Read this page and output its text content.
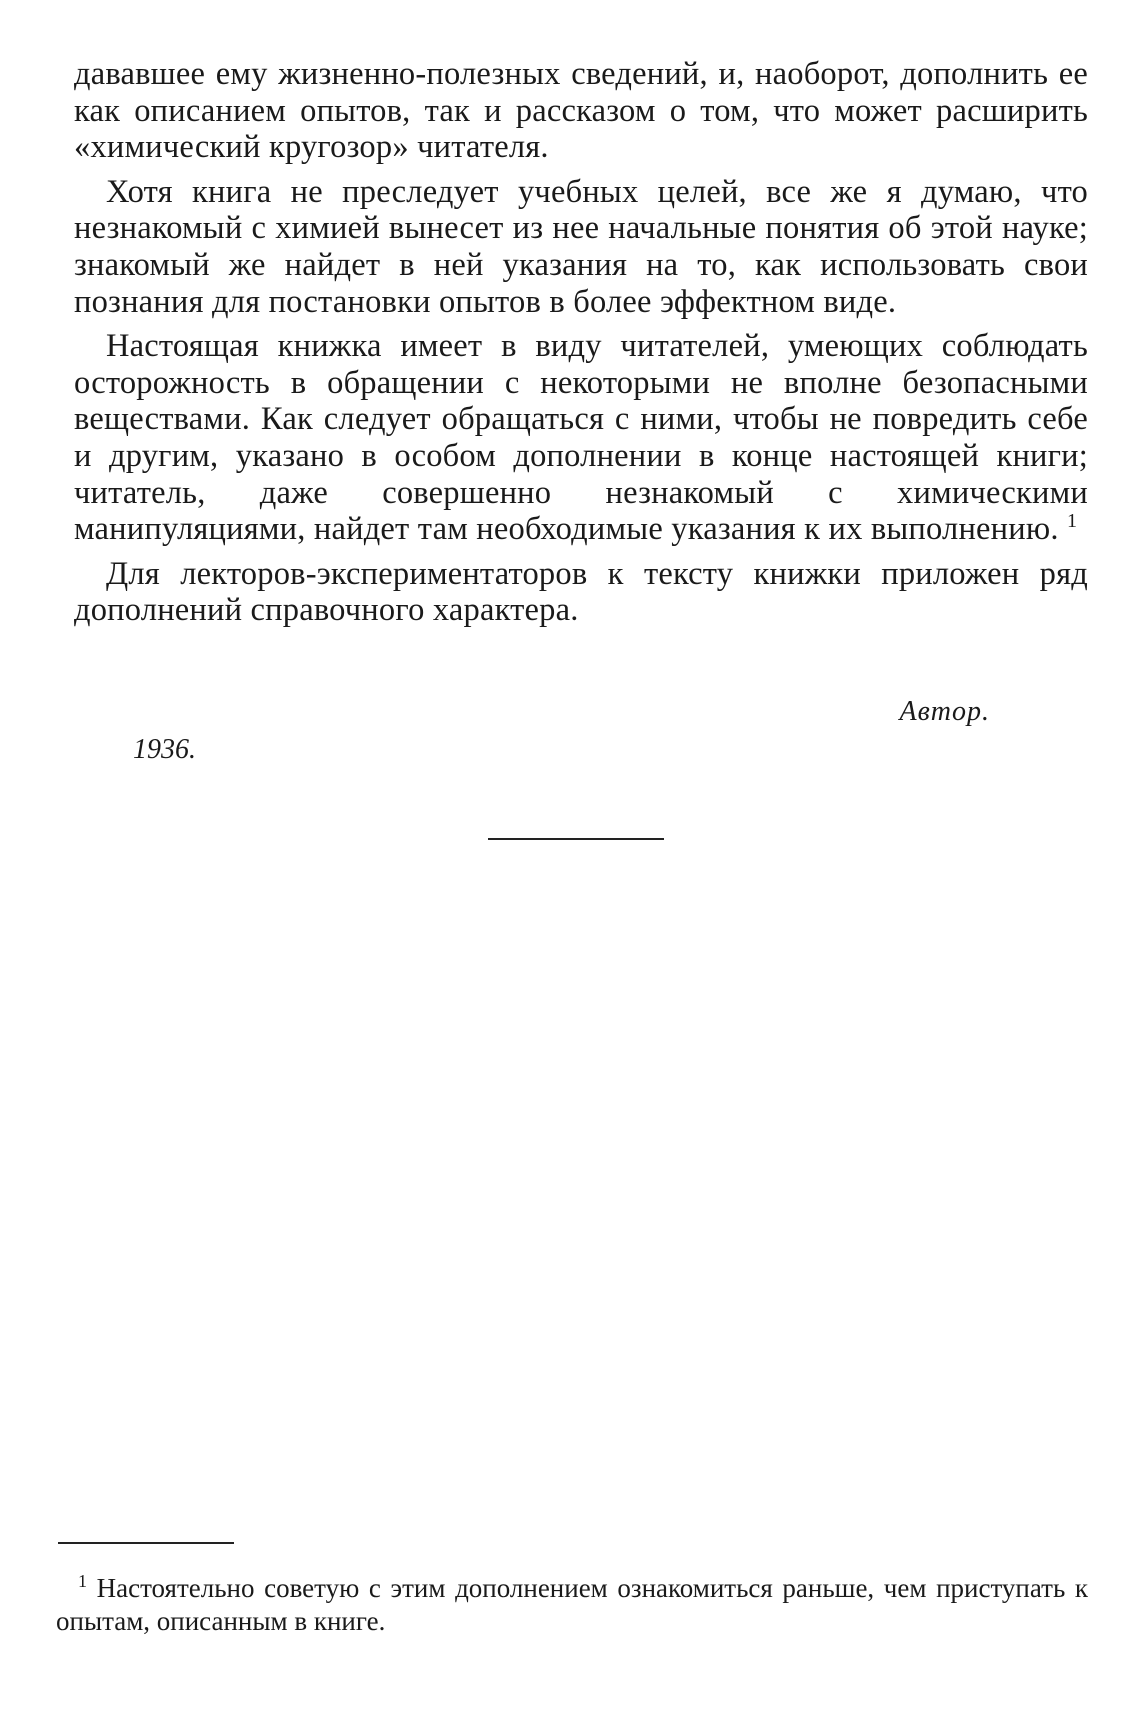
дававшее ему жизненно-полезных сведений, и, наоборот, дополнить ее как описанием опытов, так и рассказом о том, что может расширить «химический кругозор» читателя.

Хотя книга не преследует учебных целей, все же я думаю, что незнакомый с химией вынесет из нее начальные понятия об этой науке; знакомый же найдет в ней указания на то, как использовать свои познания для постановки опытов в более эффектном виде.

Настоящая книжка имеет в виду читателей, умеющих соблюдать осторожность в обращении с некоторыми не вполне безопасными веществами. Как следует обращаться с ними, чтобы не повредить себе и другим, указано в особом дополнении в конце настоящей книги; читатель, даже совершенно незнакомый с химическими манипуляциями, найдет там необходимые указания к их выполнению. $^1$

Для лекторов-экспериментаторов к тексту книжки приложен ряд дополнений справочного характера.

Автор.
1936.

$^1$ Настоятельно советую с этим дополнением ознакомиться раньше, чем приступать к опытам, описанным в книге.
